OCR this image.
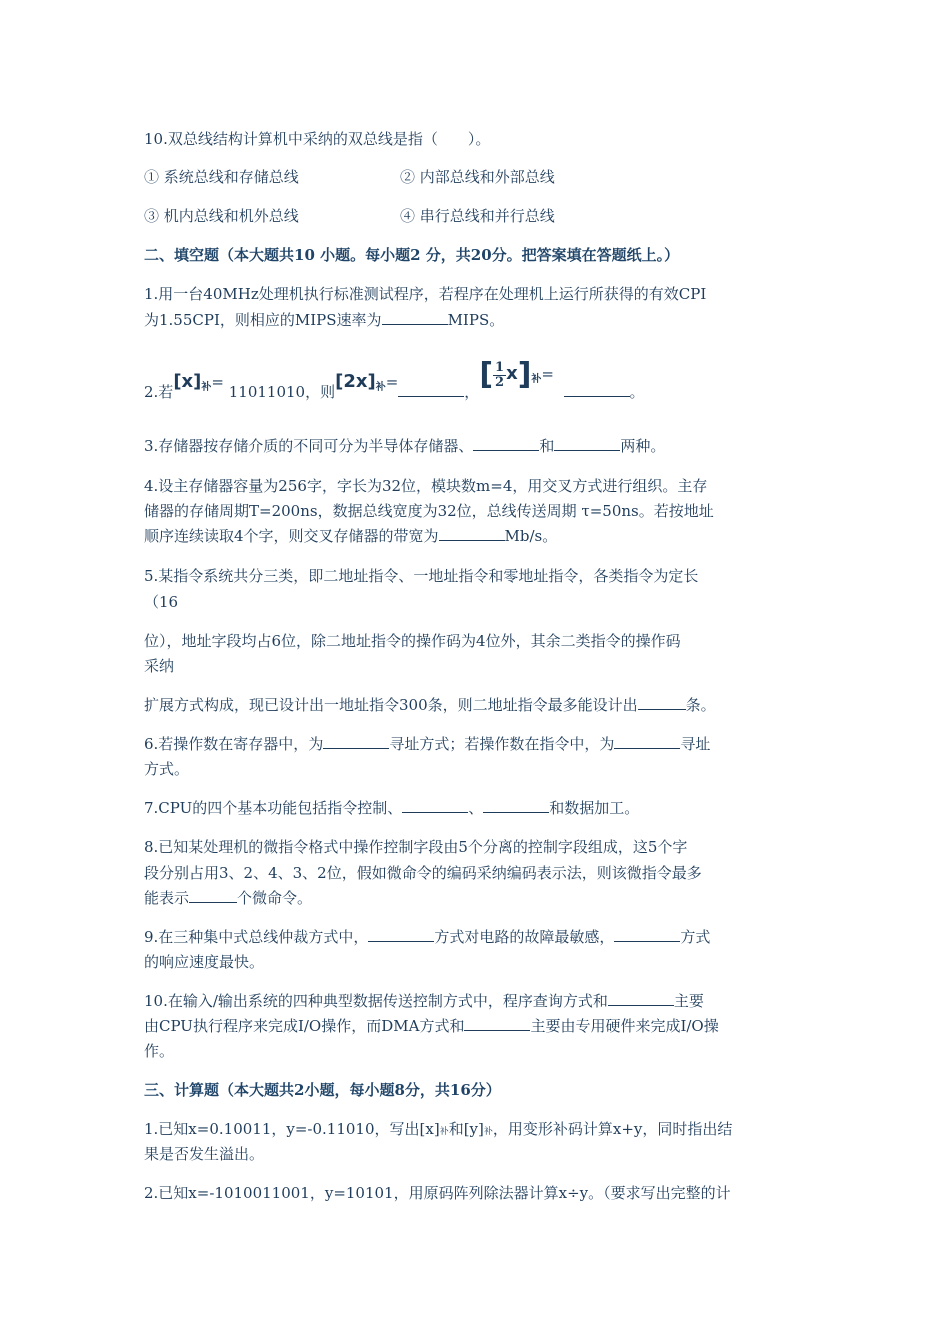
10.双总线结构计算机中采纳的双总线是指（　　）。
① 系统总线和存储总线	② 内部总线和外部总线
③ 机内总线和机外总线	④ 串行总线和并行总线
二、填空题（本大题共10 小题。每小题2 分，共20分。把答案填在答题纸上。）
1.用一台40MHz处理机执行标准测试程序，若程序在处理机上运行所获得的有效CPI
为1.55CPI，则相应的MIPS速率为	MIPS。
2.若$[x]_补= 11011010$，则$[2x]_补=$，[ $\frac{1}{2} x]_补=$  。
3.存储器按存储介质的不同可分为半导体存储器、	和	两种。
4.设主存储器容量为256字，字长为32位，模块数m=4，用交叉方式进行组织。主存
储器的存储周期T=200ns，数据总线宽度为32位，总线传送周期 τ=50ns。若按地址
顺序连续读取4个字，则交叉存储器的带宽为	Mb/s。
5.某指令系统共分三类，即二地址指令、一地址指令和零地址指令，各类指令为定长
（16
位），地址字段均占6位，除二地址指令的操作码为4位外，其余二类指令的操作码
采纳
扩展方式构成，现已设计出一地址指令300条，则二地址指令最多能设计出	条。
6.若操作数在寄存器中，为	寻址方式；若操作数在指令中，为	寻址
方式。
7.CPU的四个基本功能包括指令控制、	、	和数据加工。
8.已知某处理机的微指令格式中操作控制字段由5个分离的控制字段组成，这5个字
段分别占用3、2、4、3、2位，假如微命令的编码采纳编码表示法，则该微指令最多
能表示	个微命令。
9.在三种集中式总线仲裁方式中，	方式对电路的故障最敏感，	方式
的响应速度最快。
10.在输入/输出系统的四种典型数据传送控制方式中，程序查询方式和	主要
由CPU执行程序来完成I/O操作，而DMA方式和	主要由专用硬件来完成I/O操
作。
三、计算题（本大题共2小题，每小题8分，共16分）
1.已知x=0.10011，y=-0.11010，写出[x]补和[y]补，用变形补码计算x+y，同时指出结
果是否发生溢出。
2.已知x=-1010011001，y=10101，用原码阵列除法器计算x÷y。（要求写出完整的计
